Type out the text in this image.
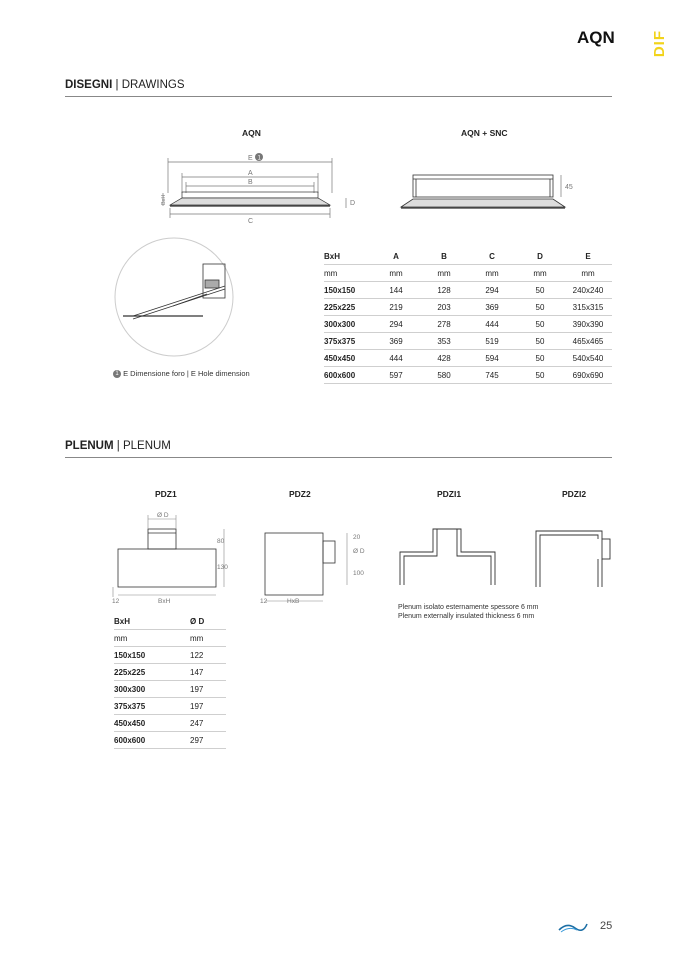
AQN DIF
DISEGNI | DRAWINGS
AQN	AQN + SNC
E 1
A
B
C
D
BxH
45
1 E Dimensione foro | E Hole dimension
BxH	A	B	C	D	E
mm	mm	mm	mm	mm	mm
150x150	144	128	294	50	240x240
225x225	219	203	369	50	315x315
300x300	294	278	444	50	390x390
375x375	369	353	519	50	465x465
450x450	444	428	594	50	540x540
600x600	597	580	745	50	690x690
PLENUM | PLENUM
PDZ1	PDZ2	PDZI1	PDZI2
Ø D
80
130
12	BxH
20
Ø D
100
12	HxB
Plenum isolato esternamente spessore 6 mm
Plenum externally insulated thickness 6 mm
BxH	Ø D
mm	mm
150x150	122
225x225	147
300x300	197
375x375	197
450x450	247
600x600	297
25
